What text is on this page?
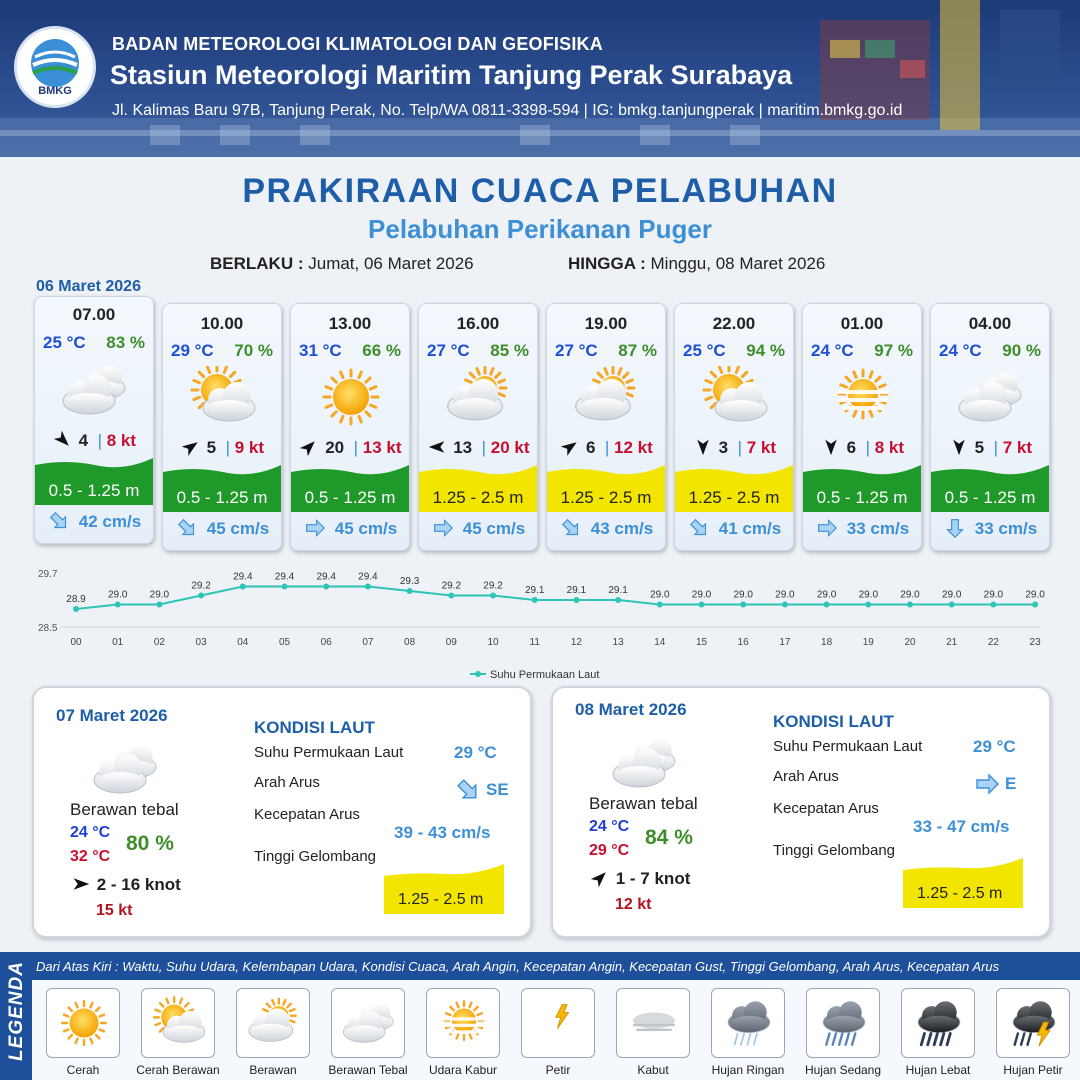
BMKG
BADAN METEOROLOGI KLIMATOLOGI DAN GEOFISIKA
Stasiun Meteorologi Maritim Tanjung Perak Surabaya
Jl. Kalimas Baru 97B, Tanjung Perak, No. Telp/WA 0811-3398-594 | IG: bmkg.tanjungperak | maritim.bmkg.go.id
PRAKIRAAN CUACA PELABUHAN
Pelabuhan Perikanan Puger
BERLAKU : Jumat, 06 Maret 2026	HINGGA : Minggu, 08 Maret 2026
06 Maret 2026
07.00
25 °C 83 %
4  | 8 kt
0.5 - 1.25 m
42 cm/s
10.00
29 °C 70 %
5  | 9 kt
0.5 - 1.25 m
45 cm/s
13.00
31 °C 66 %
20  | 13 kt
0.5 - 1.25 m
45 cm/s
16.00
27 °C 85 %
13  | 20 kt
1.25 - 2.5 m
45 cm/s
19.00
27 °C 87 %
6  | 12 kt
1.25 - 2.5 m
43 cm/s
22.00
25 °C 94 %
3  | 7 kt
1.25 - 2.5 m
41 cm/s
01.00
24 °C 97 %
6  | 8 kt
0.5 - 1.25 m
33 cm/s
04.00
24 °C 90 %
5  | 7 kt
0.5 - 1.25 m
33 cm/s
29.7
28.5
28.9
00
29.0
01
29.0
02
29.2
03
29.4
04
29.4
05
29.4
06
29.4
07
29.3
08
29.2
09
29.2
10
29.1
11
29.1
12
29.1
13
29.0
14
29.0
15
29.0
16
29.0
17
29.0
18
29.0
19
29.0
20
29.0
21
29.0
22
29.0
23
Suhu Permukaan Laut
07 Maret 2026
Berawan tebal
24 °C
32 °C
80 %
2 - 16 knot
15 kt
KONDISI LAUT
Suhu Permukaan Laut	29 °C
Arah Arus	SE
Kecepatan Arus
39 - 43 cm/s
Tinggi Gelombang
1.25 - 2.5 m
08 Maret 2026
Berawan tebal
24 °C
29 °C
84 %
1 - 7 knot
12 kt
KONDISI LAUT
Suhu Permukaan Laut	29 °C
Arah Arus	E
Kecepatan Arus
33 - 47 cm/s
Tinggi Gelombang
1.25 - 2.5 m
LEGENDA Dari Atas Kiri : Waktu, Suhu Udara, Kelembapan Udara, Kondisi Cuaca, Arah Angin, Kecepatan Angin, Kecepatan Gust, Tinggi Gelombang, Arah Arus, Kecepatan Arus
Cerah	Cerah Berawan	Berawan	Berawan Tebal	Udara Kabur	Petir	Kabut	Hujan Ringan	Hujan Sedang	Hujan Lebat	Hujan Petir
